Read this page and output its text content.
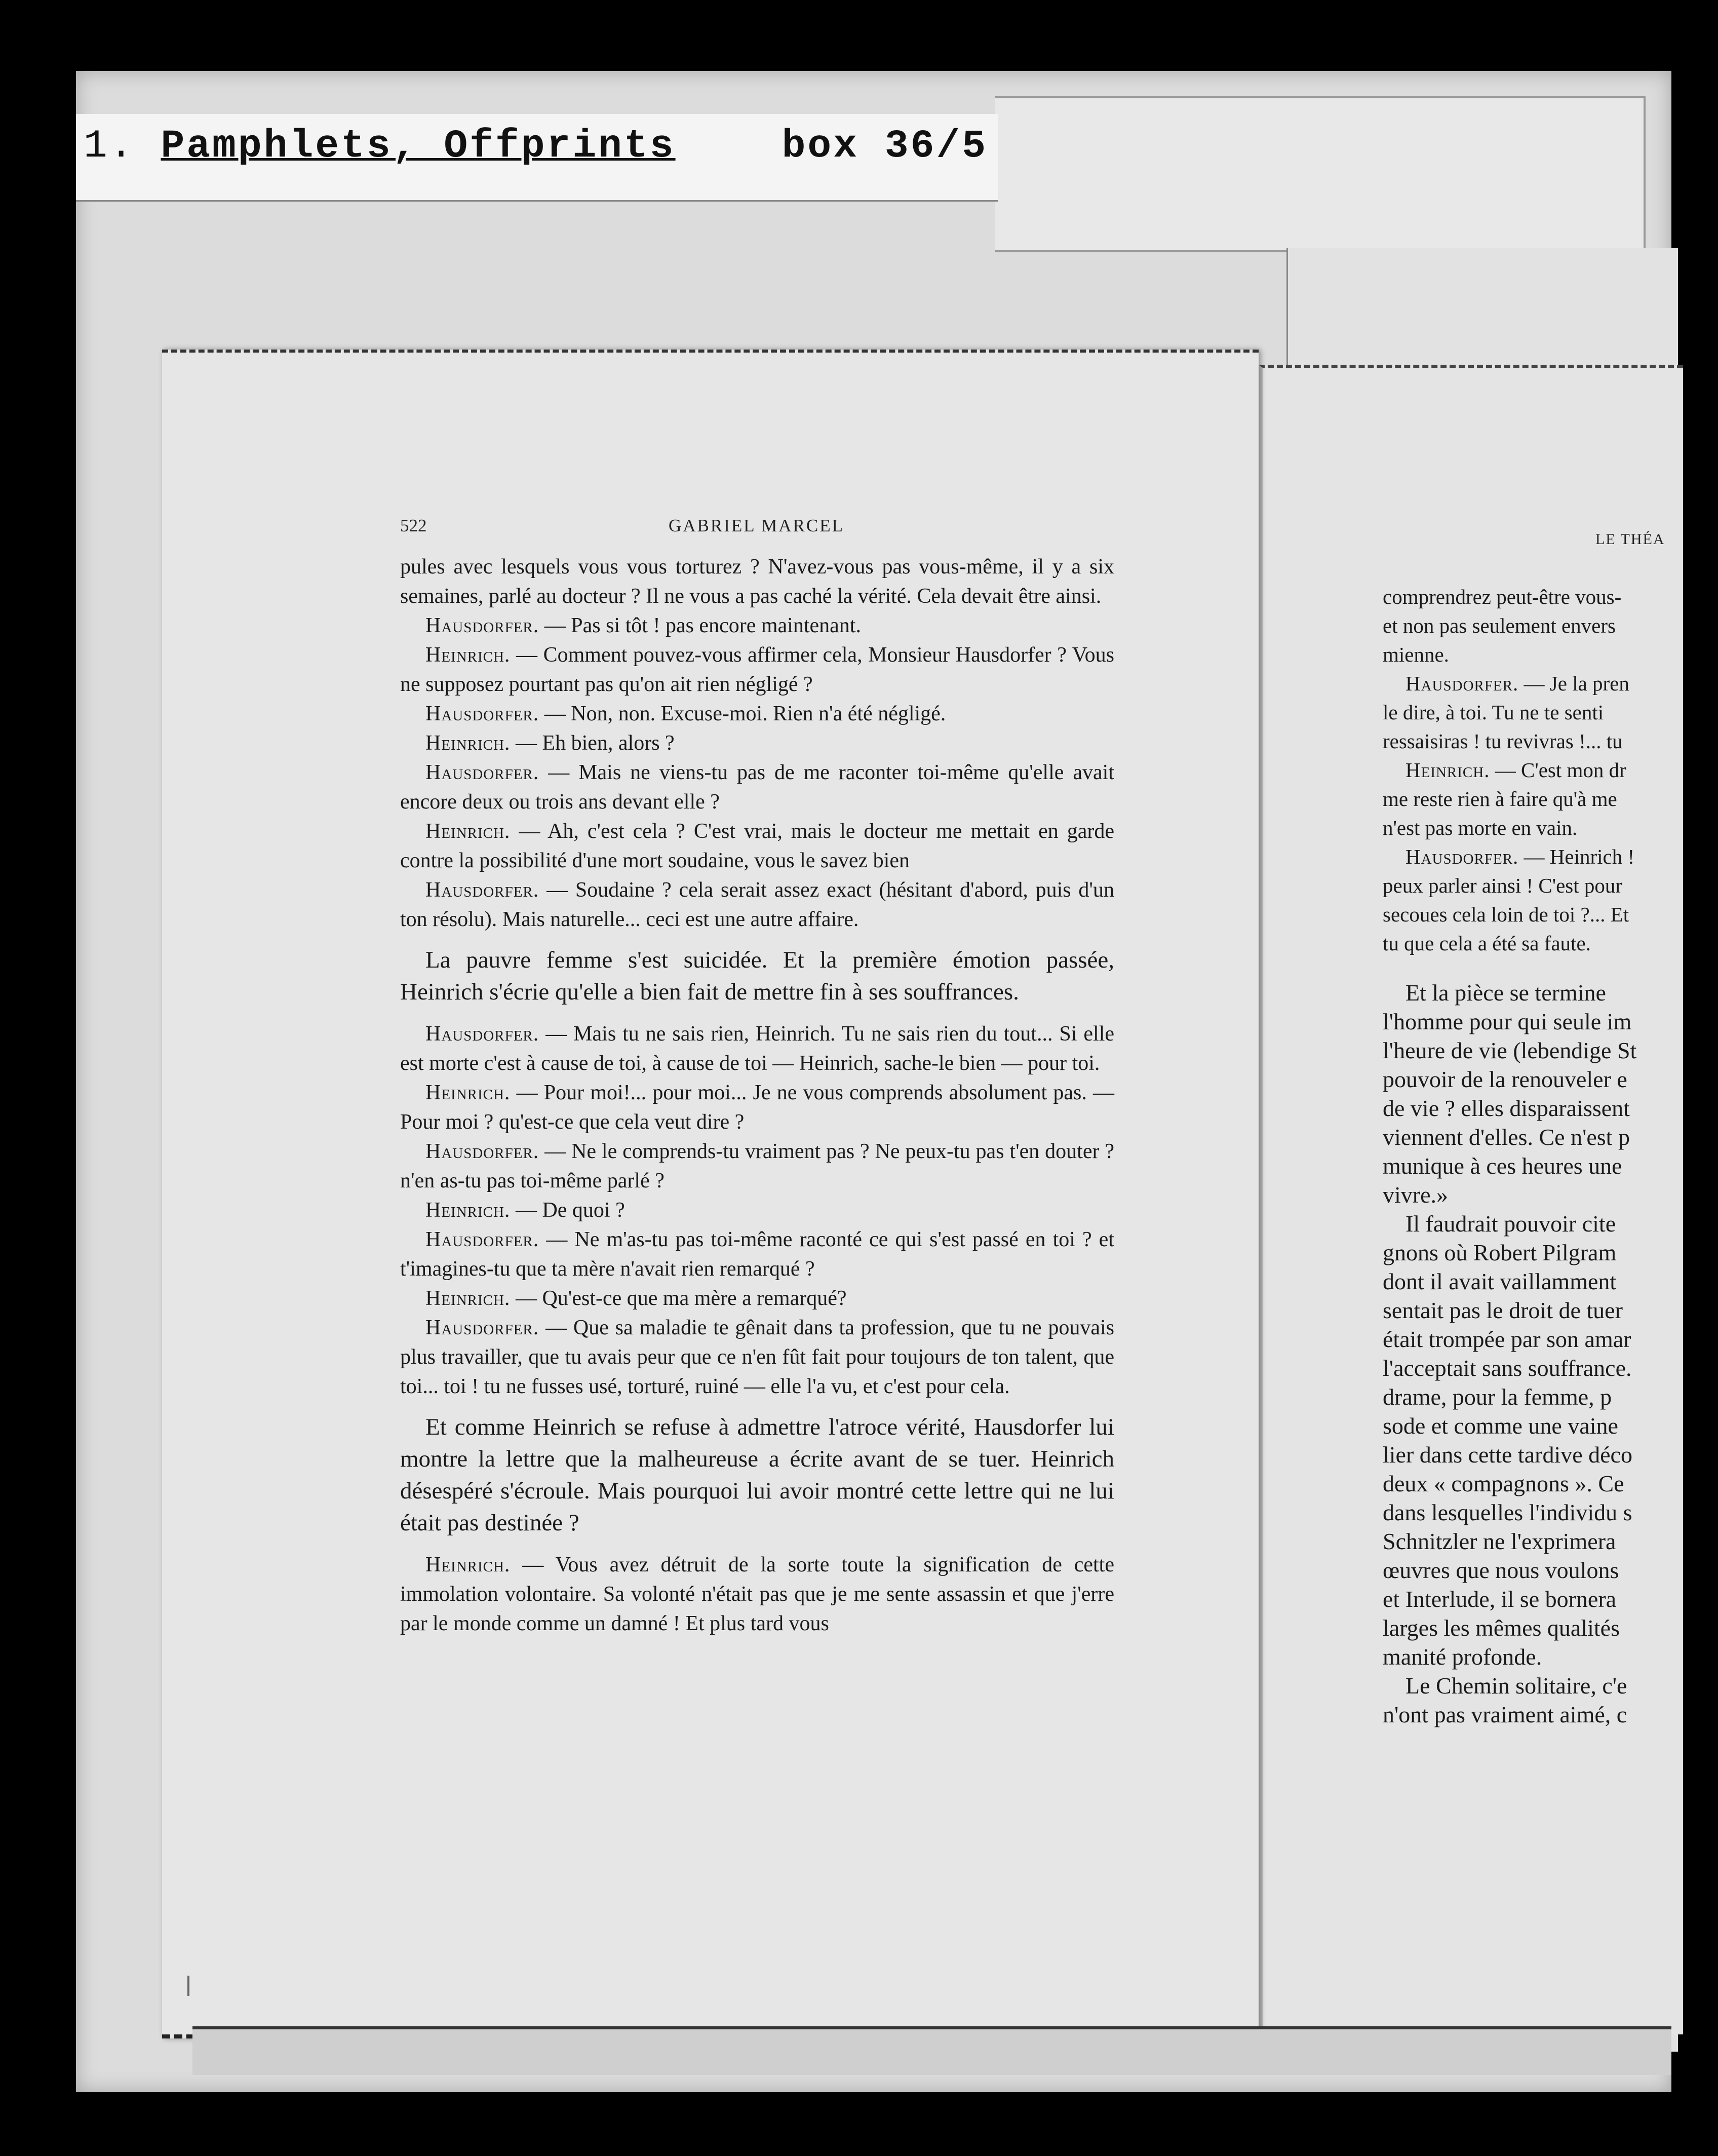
1. Pamphlets, Offprints	box 36/5
522	GABRIEL MARCEL

pules avec lesquels vous vous torturez ? N'avez-vous pas vous-même, il y a six semaines, parlé au docteur ? Il ne vous a pas caché la vérité. Cela devait être ainsi.

Hausdorfer. — Pas si tôt ! pas encore maintenant.

Heinrich. — Comment pouvez-vous affirmer cela, Monsieur Hausdorfer ? Vous ne supposez pourtant pas qu'on ait rien négligé ?

Hausdorfer. — Non, non. Excuse-moi. Rien n'a été négligé.

Heinrich. — Eh bien, alors ?

Hausdorfer. — Mais ne viens-tu pas de me raconter toi-même qu'elle avait encore deux ou trois ans devant elle ?

Heinrich. — Ah, c'est cela ? C'est vrai, mais le docteur me mettait en garde contre la possibilité d'une mort soudaine, vous le savez bien

Hausdorfer. — Soudaine ? cela serait assez exact (hésitant d'abord, puis d'un ton résolu). Mais naturelle... ceci est une autre affaire.

La pauvre femme s'est suicidée. Et la première émotion passée, Heinrich s'écrie qu'elle a bien fait de mettre fin à ses souffrances.

Hausdorfer. — Mais tu ne sais rien, Heinrich. Tu ne sais rien du tout... Si elle est morte c'est à cause de toi, à cause de toi — Heinrich, sache-le bien — pour toi.

Heinrich. — Pour moi!... pour moi... Je ne vous comprends absolument pas. — Pour moi ? qu'est-ce que cela veut dire ?

Hausdorfer. — Ne le comprends-tu vraiment pas ? Ne peux-tu pas t'en douter ? n'en as-tu pas toi-même parlé ?

Heinrich. — De quoi ?

Hausdorfer. — Ne m'as-tu pas toi-même raconté ce qui s'est passé en toi ? et t'imagines-tu que ta mère n'avait rien remarqué ?

Heinrich. — Qu'est-ce que ma mère a remarqué?

Hausdorfer. — Que sa maladie te gênait dans ta profession, que tu ne pouvais plus travailler, que tu avais peur que ce n'en fût fait pour toujours de ton talent, que toi... toi ! tu ne fusses usé, torturé, ruiné — elle l'a vu, et c'est pour cela.

Et comme Heinrich se refuse à admettre l'atroce vérité, Hausdorfer lui montre la lettre que la malheureuse a écrite avant de se tuer. Heinrich désespéré s'écroule. Mais pourquoi lui avoir montré cette lettre qui ne lui était pas destinée ?

Heinrich. — Vous avez détruit de la sorte toute la signification de cette immolation volontaire. Sa volonté n'était pas que je me sente assassin et que j'erre par le monde comme un damné ! Et plus tard vous

LE THÉA

comprendrez peut-être vous-

et non pas seulement envers

mienne.

Hausdorfer. — Je la pren

le dire, à toi. Tu ne te senti

ressaisiras ! tu revivras !... tu

Heinrich. — C'est mon dr

me reste rien à faire qu'à me

n'est pas morte en vain.

Hausdorfer. — Heinrich !

peux parler ainsi ! C'est pour

secoues cela loin de toi ?... Et

tu que cela a été sa faute.

Et la pièce se termine

l'homme pour qui seule im

l'heure de vie (lebendige St

pouvoir de la renouveler e

de vie ? elles disparaissent

viennent d'elles. Ce n'est p

munique à ces heures une

vivre.»

Il faudrait pouvoir cite

gnons où Robert Pilgram

dont il avait vaillamment

sentait pas le droit de tuer

était trompée par son amar

l'acceptait sans souffrance.

drame, pour la femme, p

sode et comme une vaine

lier dans cette tardive déco

deux « compagnons ». Ce

dans lesquelles l'individu s

Schnitzler ne l'exprimera

œuvres que nous voulons

et Interlude, il se bornera

larges les mêmes qualités

manité profonde.

Le Chemin solitaire, c'e

n'ont pas vraiment aimé, c
